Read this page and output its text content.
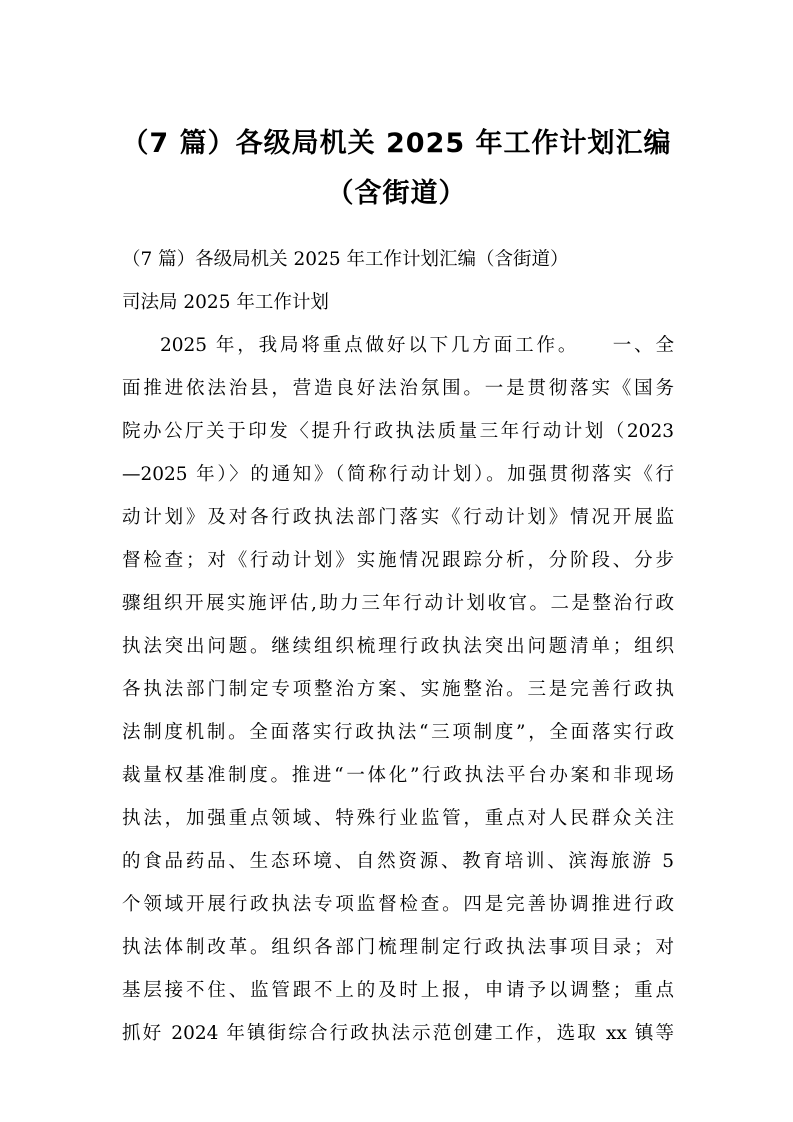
（7 篇）各级局机关 2025 年工作计划汇编
（含街道）
（7 篇）各级局机关 2025 年工作计划汇编（含街道）
司法局 2025 年工作计划
2025 年，我局将重点做好以下几方面工作。　　一、全
面推进依法治县，营造良好法治氛围。一是贯彻落实《国务
院办公厅关于印发〈提升行政执法质量三年行动计划（2023
—2025 年）〉的通知》（简称行动计划）。加强贯彻落实《行
动计划》及对各行政执法部门落实《行动计划》情况开展监
督检查；对《行动计划》实施情况跟踪分析，分阶段、分步
骤组织开展实施评估,助力三年行动计划收官。二是整治行政
执法突出问题。继续组织梳理行政执法突出问题清单；组织
各执法部门制定专项整治方案、实施整治。三是完善行政执
法制度机制。全面落实行政执法“三项制度”，全面落实行政
裁量权基准制度。推进“一体化”行政执法平台办案和非现场
执法，加强重点领域、特殊行业监管，重点对人民群众关注
的食品药品、生态环境、自然资源、教育培训、滨海旅游 5
个领域开展行政执法专项监督检查。四是完善协调推进行政
执法体制改革。组织各部门梳理制定行政执法事项目录；对
基层接不住、监管跟不上的及时上报，申请予以调整；重点
抓好 2024 年镇街综合行政执法示范创建工作，选取 xx 镇等
